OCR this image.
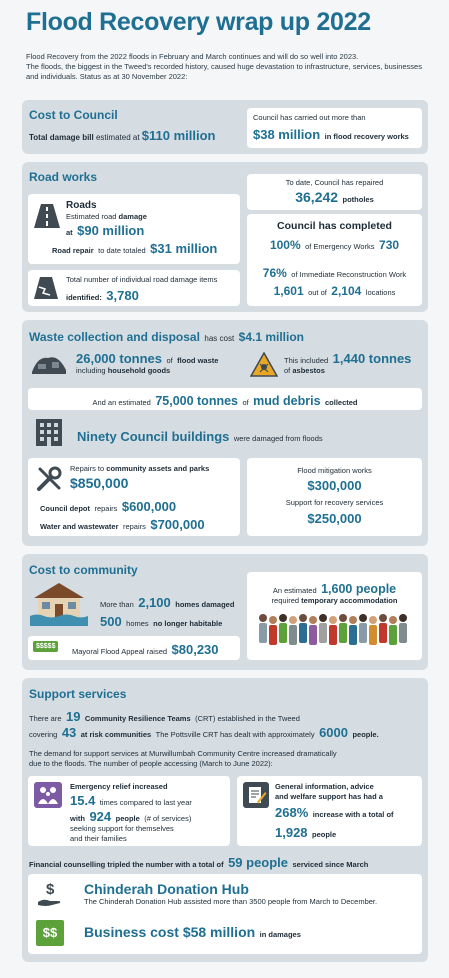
Flood Recovery wrap up 2022

Flood Recovery from the 2022 floods in February and March continues and will do so well into 2023.

The floods, the biggest in the Tweed's recorded history, caused huge devastation to infrastructure, services, businesses and individuals. Status as at 30 November 2022:

Cost to Council
Total damage bill estimated at $110 million
Council has carried out more than
$38 million in flood recovery works
Road works
Roads
Estimated road damage
at $90 million
Road repair to date totaled $31 million
Total number of individual road damage items
identified: 3,780
To date, Council has repaired
36,242 potholes
Council has completed
100% of Emergency Works 730
76% of Immediate Reconstruction Work
1,601 out of 2,104 locations
Waste collection and disposal has cost $4.1 million
26,000 tonnes of flood waste
including household goods
This included 1,440 tonnes
of asbestos
And an estimated 75,000 tonnes of mud debris collected
Ninety Council buildings were damaged from floods
Repairs to community assets and parks
$850,000
Council depot repairs $600,000
Water and wastewater repairs $700,000
Flood mitigation works
$300,000
Support for recovery services
$250,000
Cost to community
More than 2,100 homes damaged
500 homes no longer habitable
$$$$$
Mayoral Flood Appeal raised $80,230
An estimated 1,600 people
required temporary accommodation
Support services
There are 19 Community Resilience Teams (CRT) established in the Tweed
covering 43 at risk communities The Pottsville CRT has dealt with approximately 6000 people.
The demand for support services at Murwillumbah Community Centre increased dramatically
due to the floods. The number of people accessing (March to June 2022):
Emergency relief increased
15.4 times compared to last year
with 924 people (# of services)
seeking support for themselves
and their families
General information, advice
and welfare support has had a
268% increase with a total of
1,928 people
Financial counselling tripled the number with a total of 59 people serviced since March
$ Chinderah Donation Hub
The Chinderah Donation Hub assisted more than 3500 people from March to December.
$$	Business cost $58 million in damages
